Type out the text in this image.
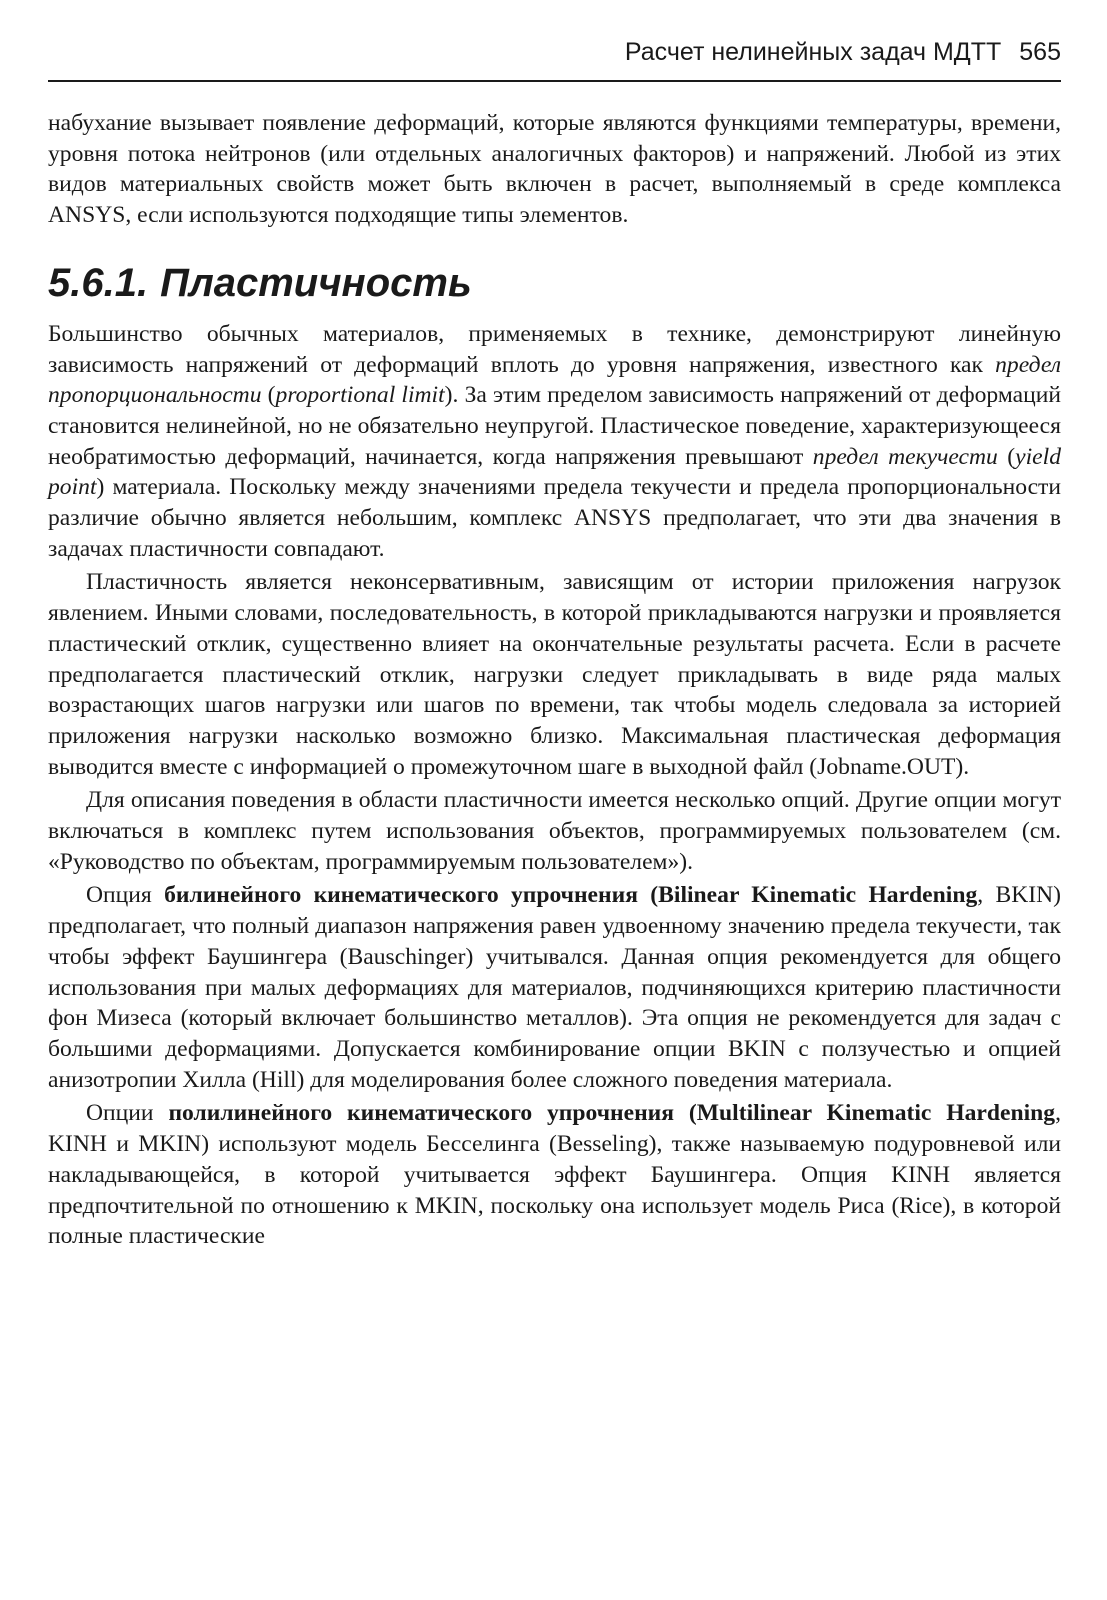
Расчет нелинейных задач МДТТ 565

набухание вызывает появление деформаций, которые являются функциями температуры, времени, уровня потока нейтронов (или отдельных аналогичных факторов) и напряжений. Любой из этих видов материальных свойств может быть включен в расчет, выполняемый в среде комплекса ANSYS, если используются подходящие типы элементов.

5.6.1. Пластичность

Большинство обычных материалов, применяемых в технике, демонстрируют линейную зависимость напряжений от деформаций вплоть до уровня напряжения, известного как предел пропорциональности (proportional limit). За этим пределом зависимость напряжений от деформаций становится нелинейной, но не обязательно неупругой. Пластическое поведение, характеризующееся необратимостью деформаций, начинается, когда напряжения превышают предел текучести (yield point) материала. Поскольку между значениями предела текучести и предела пропорциональности различие обычно является небольшим, комплекс ANSYS предполагает, что эти два значения в задачах пластичности совпадают.

Пластичность является неконсервативным, зависящим от истории приложения нагрузок явлением. Иными словами, последовательность, в которой прикладываются нагрузки и проявляется пластический отклик, существенно влияет на окончательные результаты расчета. Если в расчете предполагается пластический отклик, нагрузки следует прикладывать в виде ряда малых возрастающих шагов нагрузки или шагов по времени, так чтобы модель следовала за историей приложения нагрузки насколько возможно близко. Максимальная пластическая деформация выводится вместе с информацией о промежуточном шаге в выходной файл (Jobname.OUT).

Для описания поведения в области пластичности имеется несколько опций. Другие опции могут включаться в комплекс путем использования объектов, программируемых пользователем (см. «Руководство по объектам, программируемым пользователем»).

Опция билинейного кинематического упрочнения (Bilinear Kinematic Hardening, BKIN) предполагает, что полный диапазон напряжения равен удвоенному значению предела текучести, так чтобы эффект Баушингера (Bauschinger) учитывался. Данная опция рекомендуется для общего использования при малых деформациях для материалов, подчиняющихся критерию пластичности фон Мизеса (который включает большинство металлов). Эта опция не рекомендуется для задач с большими деформациями. Допускается комбинирование опции BKIN с ползучестью и опцией анизотропии Хилла (Hill) для моделирования более сложного поведения материала.

Опции полилинейного кинематического упрочнения (Multilinear Kinematic Hardening, KINH и MKIN) используют модель Бесселинга (Besseling), также называемую подуровневой или накладывающейся, в которой учитывается эффект Баушингера. Опция KINH является предпочтительной по отношению к MKIN, поскольку она использует модель Риса (Rice), в которой полные пластические
